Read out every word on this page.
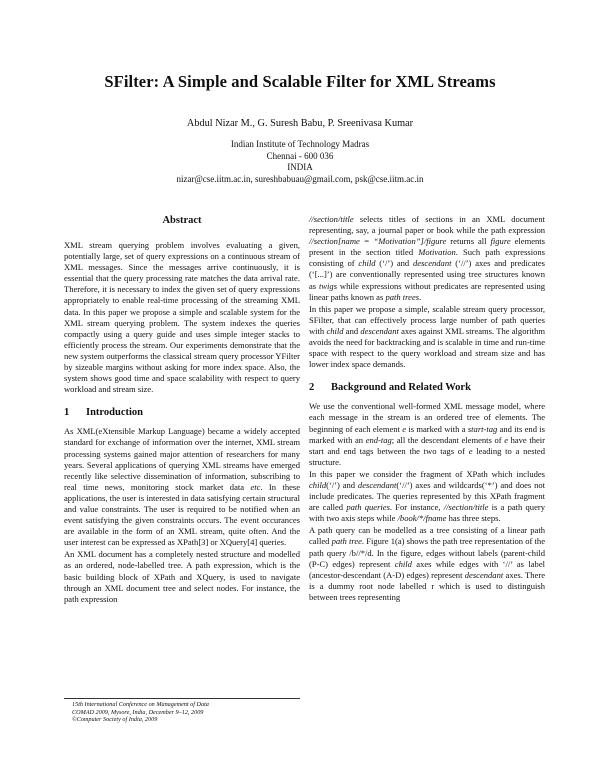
SFilter: A Simple and Scalable Filter for XML Streams
Abdul Nizar M., G. Suresh Babu, P. Sreenivasa Kumar
Indian Institute of Technology Madras
Chennai - 600 036
INDIA
nizar@cse.iitm.ac.in, sureshbabuau@gmail.com, psk@cse.iitm.ac.in
Abstract

XML stream querying problem involves evaluating a given, potentially large, set of query expressions on a continuous stream of XML messages. Since the messages arrive continuously, it is essential that the query processing rate matches the data arrival rate. Therefore, it is necessary to index the given set of query expressions appropriately to enable real-time processing of the streaming XML data. In this paper we propose a simple and scalable system for the XML stream querying problem. The system indexes the queries compactly using a query guide and uses simple integer stacks to efficiently process the stream. Our experiments demonstrate that the new system outperforms the classical stream query processor YFilter by sizeable margins without asking for more index space. Also, the system shows good time and space scalability with respect to query workload and stream size.

1 Introduction

As XML(eXtensible Markup Language) became a widely accepted standard for exchange of information over the internet, XML stream processing systems gained major attention of researchers for many years. Several applications of querying XML streams have emerged recently like selective dissemination of information, subscribing to real time news, monitoring stock market data etc. In these applications, the user is interested in data satisfying certain structural and value constraints. The user is required to be notified when an event satisfying the given constraints occurs. The event occurances are available in the form of an XML stream, quite often. And the user interest can be expressed as XPath[3] or XQuery[4] queries.

An XML document has a completely nested structure and modelled as an ordered, node-labelled tree. A path expression, which is the basic building block of XPath and XQuery, is used to navigate through an XML document tree and select nodes. For instance, the path expression

//section/title selects titles of sections in an XML document representing, say, a journal paper or book while the path expression //section[name = “Motivation”]/figure returns all figure elements present in the section titled Motivation. Such path expressions consisting of child (‘/’) and descendant (‘//’) axes and predicates (‘[...]’) are conventionally represented using tree structures known as twigs while expressions without predicates are represented using linear paths known as path trees.

In this paper we propose a simple, scalable stream query processor, SFilter, that can effectively process large number of path queries with child and descendant axes against XML streams. The algorithm avoids the need for backtracking and is scalable in time and run-time space with respect to the query workload and stream size and has lower index space demands.

2 Background and Related Work

We use the conventional well-formed XML message model, where each message in the stream is an ordered tree of elements. The beginning of each element e is marked with a start-tag and its end is marked with an end-tag; all the descendant elements of e have their start and end tags between the two tags of e leading to a nested structure.

In this paper we consider the fragment of XPath which includes child(‘/’) and descendant(‘//’) axes and wildcards(‘*’) and does not include predicates. The queries represented by this XPath fragment are called path queries. For instance, //section/title is a path query with two axis steps while /book/*/fname has three steps.

A path query can be modelled as a tree consisting of a linear path called path tree. Figure 1(a) shows the path tree representation of the path query /b//*/d. In the figure, edges without labels (parent-child (P-C) edges) represent child axes while edges with ‘//’ as label (ancestor-descendant (A-D) edges) represent descendant axes. There is a dummy root node labelled r which is used to distinguish between trees representing

15th International Conference on Management of Data
COMAD 2009, Mysore, India, December 9–12, 2009
©Computer Society of India, 2009
